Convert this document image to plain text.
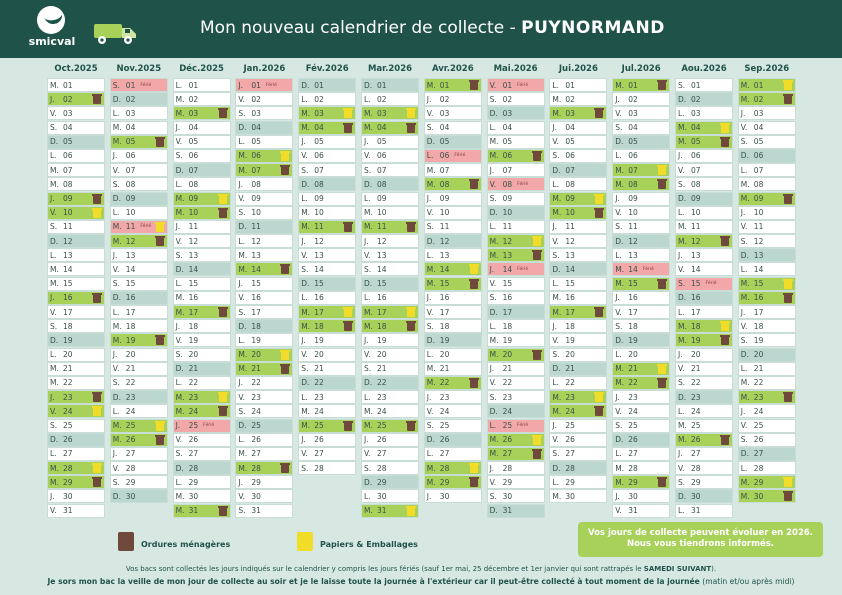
smicval
Mon nouveau calendrier de collecte - PUYNORMAND
Oct.2025
M. 01
J.	02
V. 03
S. 04
D. 05
L. 06
M. 07
M. 08
J.	09
V. 10
S. 11
D. 12
L. 13
M. 14
M. 15
J.	16
V. 17
S. 18
D. 19
L. 20
M. 21
M. 22
J.	23
V. 24
S. 25
D. 26
L. 27
M. 28
M. 29
J.	30
V. 31
Nov.2025
S. 01 Férié
D. 02
L. 03
M. 04
M. 05
J.	06
V. 07
S. 08
D. 09
L. 10
M. 11 Férié
M. 12
J.	13
V. 14
S. 15
D. 16
L. 17
M. 18
M. 19
J.	20
V. 21
S. 22
D. 23
L. 24
M. 25
M. 26
J.	27
V. 28
S. 29
D. 30
Déc.2025
L. 01
M. 02
M. 03
J.	04
V. 05
S. 06
D. 07
L. 08
M. 09
M. 10
J.	11
V. 12
S. 13
D. 14
L. 15
M. 16
M. 17
J.	18
V. 19
S. 20
D. 21
L. 22
M. 23
M. 24
J.	25 Férié
V. 26
S. 27
D. 28
L. 29
M. 30
M. 31
Jan.2026
J.	01 Férié
V. 02
S. 03
D. 04
L. 05
M. 06
M. 07
J.	08
V. 09
S. 10
D. 11
L. 12
M. 13
M. 14
J.	15
V. 16
S. 17
D. 18
L. 19
M. 20
M. 21
J.	22
V. 23
S. 24
D. 25
L. 26
M. 27
M. 28
J.	29
V. 30
S. 31
Fév.2026
D. 01
L. 02
M. 03
M. 04
J.	05
V. 06
S. 07
D. 08
L. 09
M. 10
M. 11
J.	12
V. 13
S. 14
D. 15
L. 16
M. 17
M. 18
J.	19
V. 20
S. 21
D. 22
L. 23
M. 24
M. 25
J.	26
V. 27
S. 28
Mar.2026
D. 01
L. 02
M. 03
M. 04
J.	05
V. 06
S. 07
D. 08
L. 09
M. 10
M. 11
J.	12
V. 13
S. 14
D. 15
L. 16
M. 17
M. 18
J.	19
V. 20
S. 21
D. 22
L. 23
M. 24
M. 25
J.	26
V. 27
S. 28
D. 29
L. 30
M. 31
Avr.2026
M. 01
J.	02
V. 03
S. 04
D. 05
L. 06 Férié
M. 07
M. 08
J.	09
V. 10
S. 11
D. 12
L. 13
M. 14
M. 15
J.	16
V. 17
S. 18
D. 19
L. 20
M. 21
M. 22
J.	23
V. 24
S. 25
D. 26
L. 27
M. 28
M. 29
J.	30
Mai.2026
V. 01 Férié
S. 02
D. 03
L. 04
M. 05
M. 06
J.	07
V. 08 Férié
S. 09
D. 10
L. 11
M. 12
M. 13
J.	14 Férié
V. 15
S. 16
D. 17
L. 18
M. 19
M. 20
J.	21
V. 22
S. 23
D. 24
L. 25 Férié
M. 26
M. 27
J.	28
V. 29
S. 30
D. 31
Jui.2026
L. 01
M. 02
M. 03
J.	04
V. 05
S. 06
D. 07
L. 08
M. 09
M. 10
J.	11
V. 12
S. 13
D. 14
L. 15
M. 16
M. 17
J.	18
V. 19
S. 20
D. 21
L. 22
M. 23
M. 24
J.	25
V. 26
S. 27
D. 28
L. 29
M. 30
Jul.2026
M. 01
J.	02
V. 03
S. 04
D. 05
L. 06
M. 07
M. 08
J.	09
V. 10
S. 11
D. 12
L. 13
M. 14 Férié
M. 15
J.	16
V. 17
S. 18
D. 19
L. 20
M. 21
M. 22
J.	23
V. 24
S. 25
D. 26
L. 27
M. 28
M. 29
J.	30
V. 31
Aou.2026
S. 01
D. 02
L. 03
M. 04
M. 05
J.	06
V. 07
S. 08
D. 09
L. 10
M. 11
M. 12
J.	13
V. 14
S. 15 Férié
D. 16
L. 17
M. 18
M. 19
J.	20
V. 21
S. 22
D. 23
L. 24
M. 25
M. 26
J.	27
V. 28
S. 29
D. 30
L. 31
Sep.2026
M. 01
M. 02
J.	03
V. 04
S. 05
D. 06
L. 07
M. 08
M. 09
J.	10
V. 11
S. 12
D. 13
L. 14
M. 15
M. 16
J.	17
V. 18
S. 19
D. 20
L. 21
M. 22
M. 23
J.	24
V. 25
S. 26
D. 27
L. 28
M. 29
M. 30
Ordures ménagères	Papiers & Emballages
Vos jours de collecte peuvent évoluer en 2026.
Nous vous tiendrons informés.
Vos bacs sont collectés les jours indiqués sur le calendrier y compris les jours fériés (sauf 1er mai, 25 décembre et 1er janvier qui sont rattrapés le SAMEDI SUIVANT).
Je sors mon bac la veille de mon jour de collecte au soir et je le laisse toute la journée à l'extérieur car il peut-être collecté à tout moment de la journée (matin et/ou après midi)
